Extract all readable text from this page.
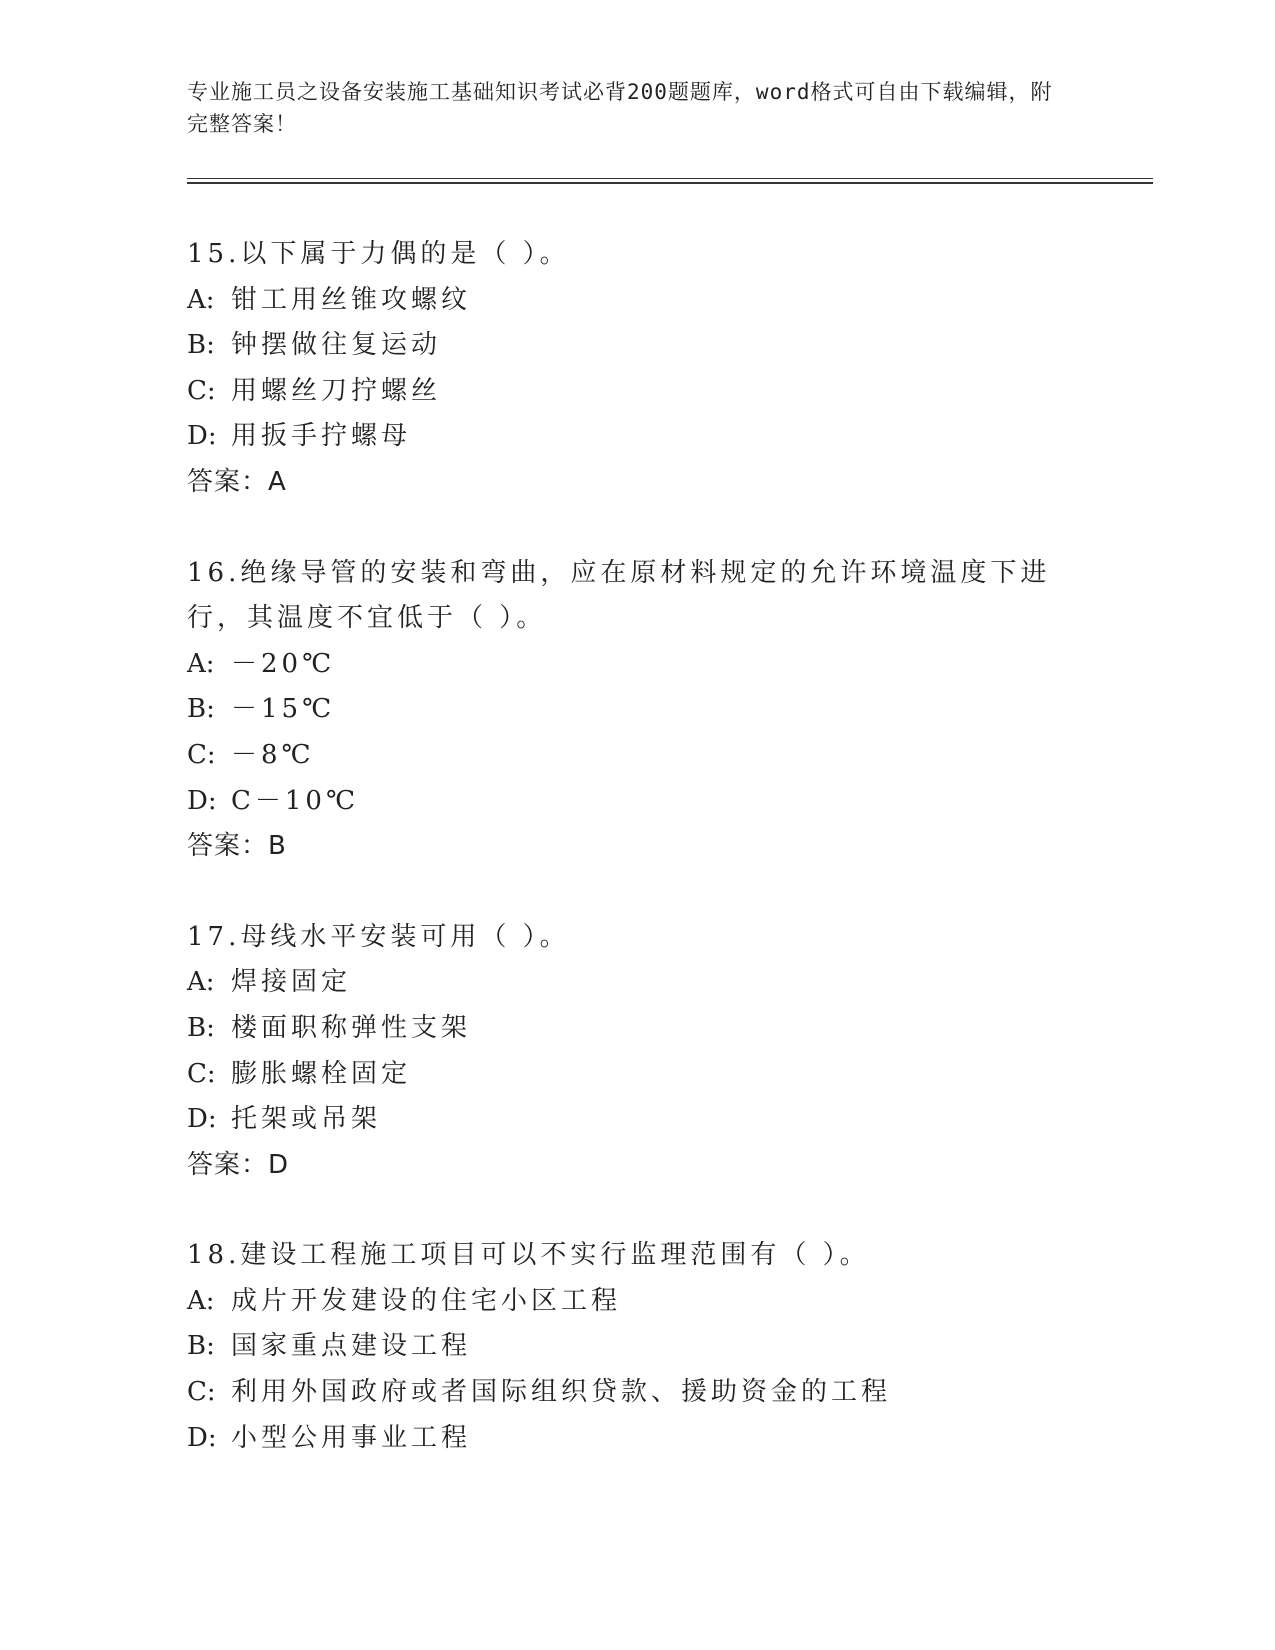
专业施工员之设备安装施工基础知识考试必背200题题库，word格式可自由下载编辑，附完整答案！
15.以下属于力偶的是（ ）。
A: 钳工用丝锥攻螺纹
B: 钟摆做往复运动
C: 用螺丝刀拧螺丝
D: 用扳手拧螺母
答案：A
16.绝缘导管的安装和弯曲，应在原材料规定的允许环境温度下进行，其温度不宜低于（ ）。
A: －20℃
B: －15℃
C: －8℃
D: C－10℃
答案：B
17.母线水平安装可用（ ）。
A: 焊接固定
B: 楼面职称弹性支架
C: 膨胀螺栓固定
D: 托架或吊架
答案：D
18.建设工程施工项目可以不实行监理范围有（ ）。
A: 成片开发建设的住宅小区工程
B: 国家重点建设工程
C: 利用外国政府或者国际组织贷款、援助资金的工程
D: 小型公用事业工程
